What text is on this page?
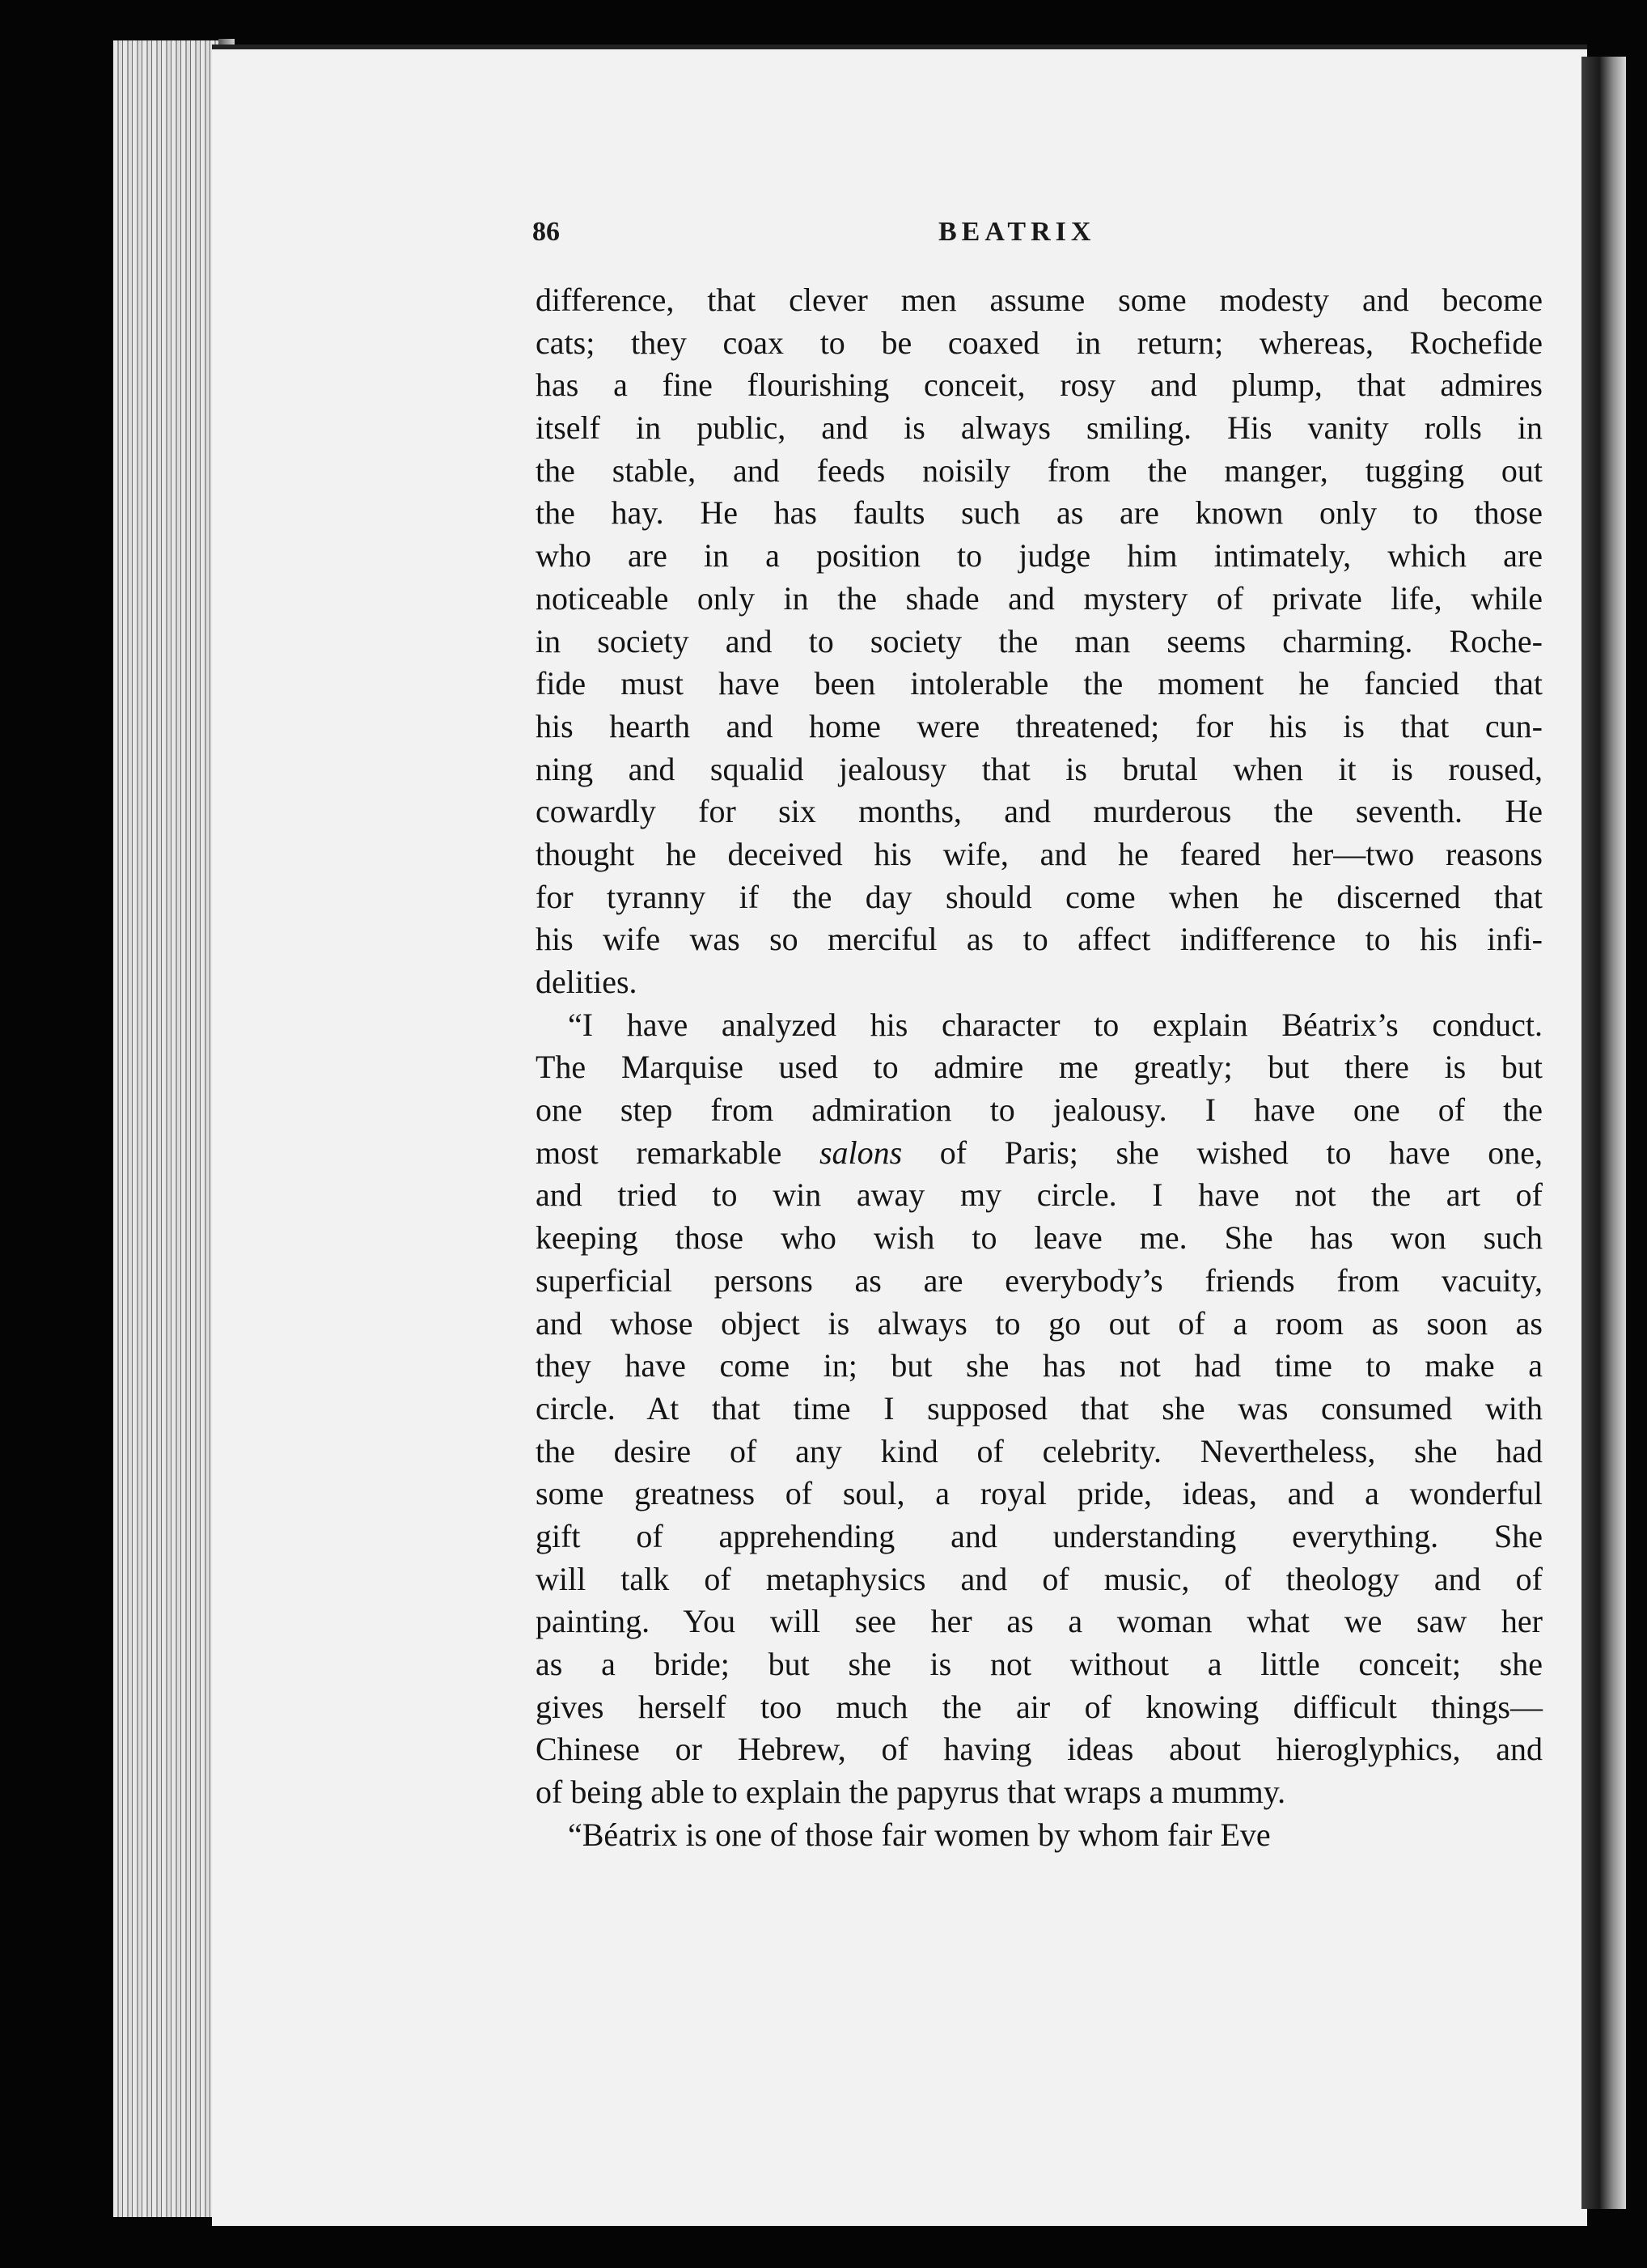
86	BEATRIX
difference, that clever men assume some modesty and become
cats; they coax to be coaxed in return; whereas, Rochefide
has a fine flourishing conceit, rosy and plump, that admires
itself in public, and is always smiling. His vanity rolls in
the stable, and feeds noisily from the manger, tugging out
the hay. He has faults such as are known only to those
who are in a position to judge him intimately, which are
noticeable only in the shade and mystery of private life, while
in society and to society the man seems charming. Roche-
fide must have been intolerable the moment he fancied that
his hearth and home were threatened; for his is that cun-
ning and squalid jealousy that is brutal when it is roused,
cowardly for six months, and murderous the seventh. He
thought he deceived his wife, and he feared her—two reasons
for tyranny if the day should come when he discerned that
his wife was so merciful as to affect indifference to his infi-
delities.
“I have analyzed his character to explain Béatrix’s conduct.
The Marquise used to admire me greatly; but there is but
one step from admiration to jealousy. I have one of the
most remarkable salons of Paris; she wished to have one,
and tried to win away my circle. I have not the art of
keeping those who wish to leave me. She has won such
superficial persons as are everybody’s friends from vacuity,
and whose object is always to go out of a room as soon as
they have come in; but she has not had time to make a
circle. At that time I supposed that she was consumed with
the desire of any kind of celebrity. Nevertheless, she had
some greatness of soul, a royal pride, ideas, and a wonderful
gift of apprehending and understanding everything. She
will talk of metaphysics and of music, of theology and of
painting. You will see her as a woman what we saw her
as a bride; but she is not without a little conceit; she
gives herself too much the air of knowing difficult things—
Chinese or Hebrew, of having ideas about hieroglyphics, and
of being able to explain the papyrus that wraps a mummy.
“Béatrix is one of those fair women by whom fair Eve
